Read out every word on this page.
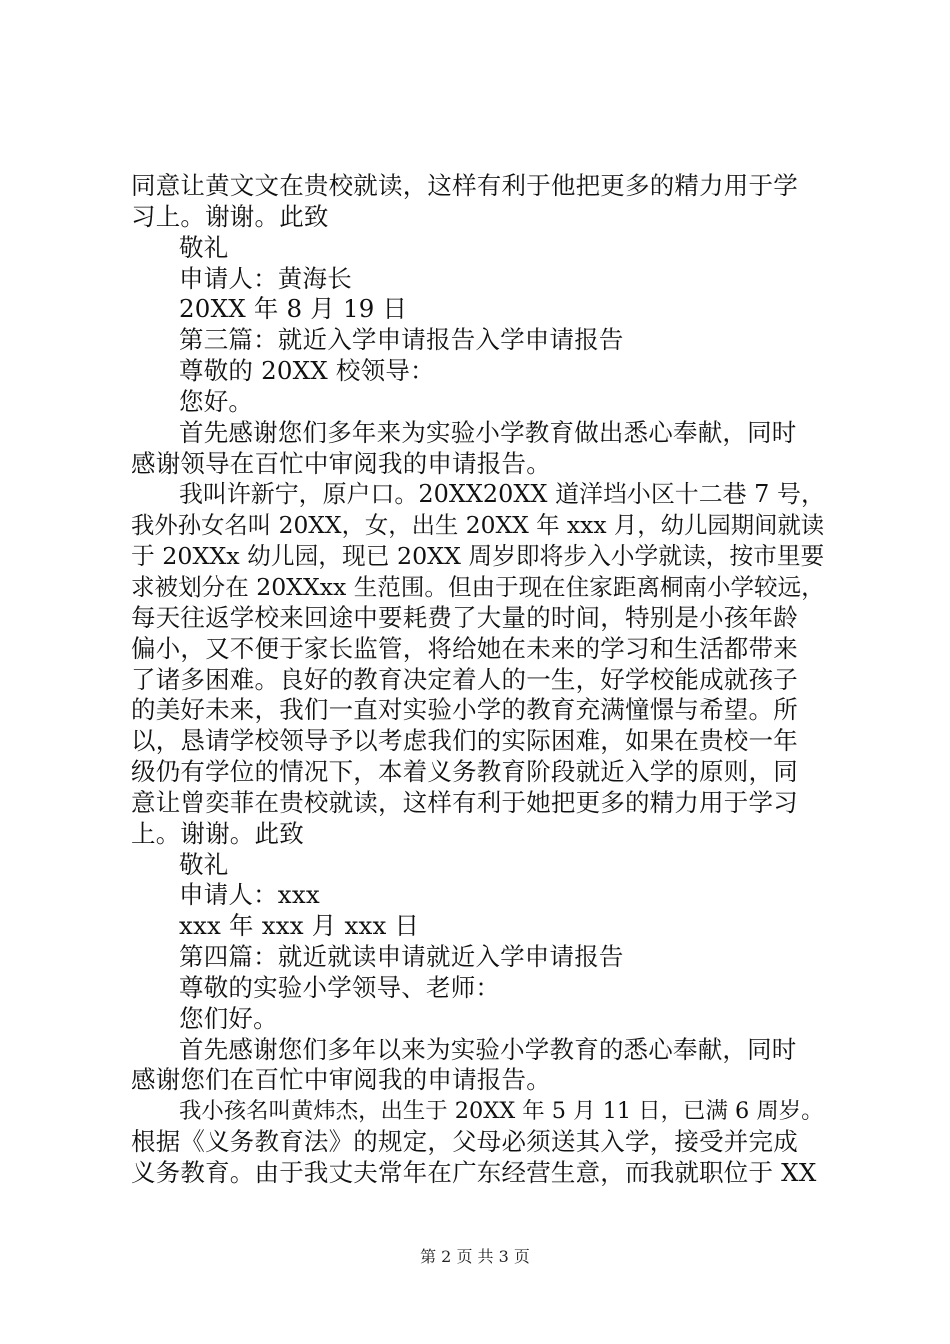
同意让黄文文在贵校就读，这样有利于他把更多的精力用于学
习上。谢谢。此致
敬礼
申请人：黄海长
20XX 年 8 月 19 日
第三篇：就近入学申请报告入学申请报告
尊敬的 20XX 校领导：
您好。
首先感谢您们多年来为实验小学教育做出悉心奉献，同时
感谢领导在百忙中审阅我的申请报告。
我叫许新宁，原户口。20XX20XX 道洋垱小区十二巷 7 号，
我外孙女名叫 20XX，女，出生 20XX 年 xxx 月，幼儿园期间就读
于 20XXx 幼儿园，现已 20XX 周岁即将步入小学就读，按市里要
求被划分在 20XXxx 生范围。但由于现在住家距离桐南小学较远，
每天往返学校来回途中要耗费了大量的时间，特别是小孩年龄
偏小，又不便于家长监管，将给她在未来的学习和生活都带来
了诸多困难。良好的教育决定着人的一生，好学校能成就孩子
的美好未来，我们一直对实验小学的教育充满憧憬与希望。所
以，恳请学校领导予以考虑我们的实际困难，如果在贵校一年
级仍有学位的情况下，本着义务教育阶段就近入学的原则，同
意让曾奕菲在贵校就读，这样有利于她把更多的精力用于学习
上。谢谢。此致
敬礼
申请人：xxx
xxx 年 xxx 月 xxx 日
第四篇：就近就读申请就近入学申请报告
尊敬的实验小学领导、老师：
您们好。
首先感谢您们多年以来为实验小学教育的悉心奉献，同时
感谢您们在百忙中审阅我的申请报告。
我小孩名叫黄炜杰，出生于 20XX 年 5 月 11 日，已满 6 周岁。
根据《义务教育法》的规定，父母必须送其入学，接受并完成
义务教育。由于我丈夫常年在广东经营生意，而我就职位于 XX
第 2 页 共 3 页
